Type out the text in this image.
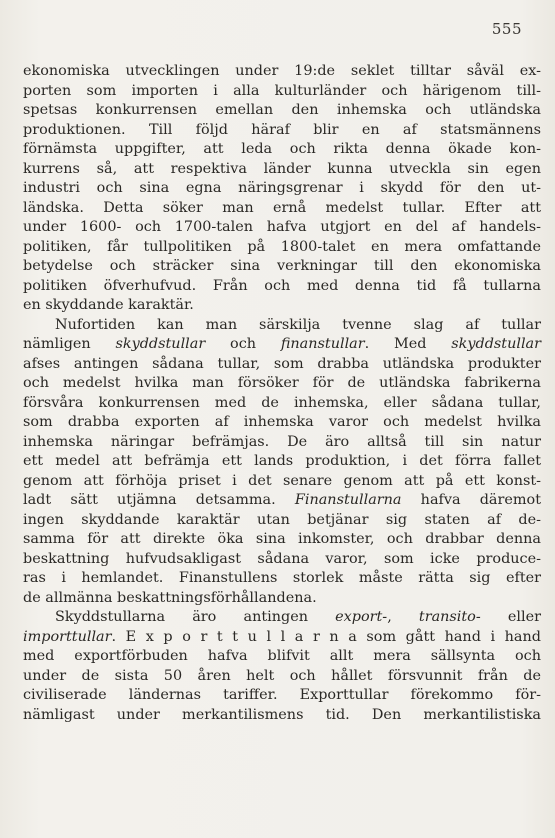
555
ekonomiska utvecklingen under 19:de seklet tilltar såväl ex-
porten som importen i alla kulturländer och härigenom till-
spetsas konkurrensen emellan den inhemska och utländska
produktionen. Till följd häraf blir en af statsmännens
förnämsta uppgifter, att leda och rikta denna ökade kon-
kurrens så, att respektiva länder kunna utveckla sin egen
industri och sina egna näringsgrenar i skydd för den ut-
ländska. Detta söker man ernå medelst tullar. Efter att
under 1600- och 1700-talen hafva utgjort en del af handels-
politiken, får tullpolitiken på 1800-talet en mera omfattande
betydelse och sträcker sina verkningar till den ekonomiska
politiken öfverhufvud. Från och med denna tid få tullarna
en skyddande karaktär.
Nufortiden kan man särskilja tvenne slag af tullar
nämligen skyddstullar och finanstullar. Med skyddstullar
afses antingen sådana tullar, som drabba utländska produkter
och medelst hvilka man försöker för de utländska fabrikerna
försvåra konkurrensen med de inhemska, eller sådana tullar,
som drabba exporten af inhemska varor och medelst hvilka
inhemska näringar befrämjas. De äro alltså till sin natur
ett medel att befrämja ett lands produktion, i det förra fallet
genom att förhöja priset i det senare genom att på ett konst-
ladt sätt utjämna detsamma. Finanstullarna hafva däremot
ingen skyddande karaktär utan betjänar sig staten af de-
samma för att direkte öka sina inkomster, och drabbar denna
beskattning hufvudsakligast sådana varor, som icke produce-
ras i hemlandet. Finanstullens storlek måste rätta sig efter
de allmänna beskattningsförhållandena.
Skyddstullarna äro antingen export-, transito- eller
importtullar. E x p o r t t u l l a r n a som gått hand i hand
med exportförbuden hafva blifvit allt mera sällsynta och
under de sista 50 åren helt och hållet försvunnit från de
civiliserade ländernas tariffer. Exporttullar förekommo för-
nämligast under merkantilismens tid. Den merkantilistiska
